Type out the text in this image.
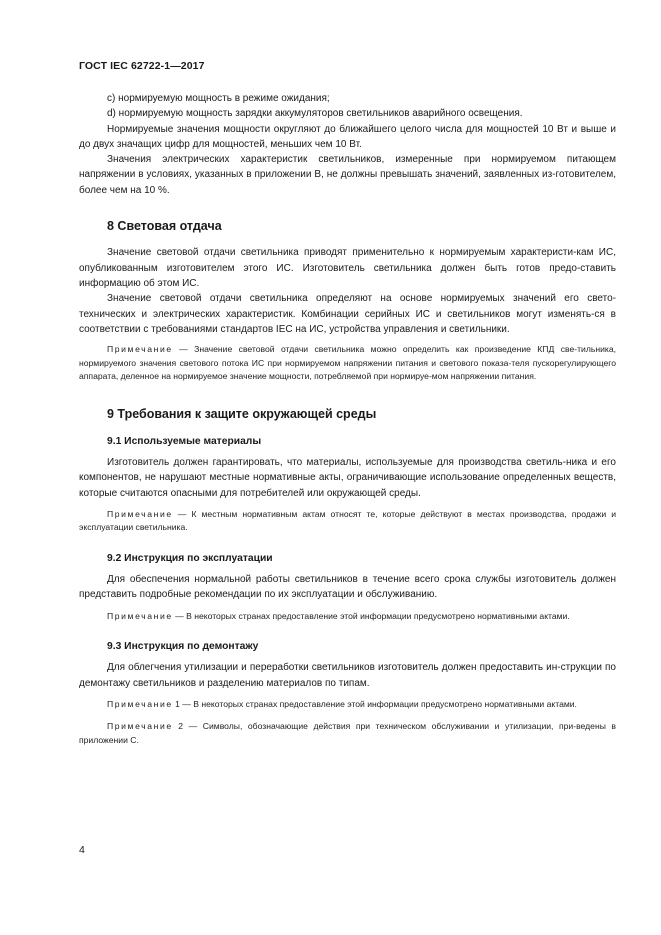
ГОСТ IEC 62722-1—2017

с) нормируемую мощность в режиме ожидания;

d) нормируемую мощность зарядки аккумуляторов светильников аварийного освещения.

Нормируемые значения мощности округляют до ближайшего целого числа для мощностей 10 Вт и выше и до двух значащих цифр для мощностей, меньших чем 10 Вт.

Значения электрических характеристик светильников, измеренные при нормируемом питающем напряжении в условиях, указанных в приложении В, не должны превышать значений, заявленных из-готовителем, более чем на 10 %.

8 Световая отдача

Значение световой отдачи светильника приводят применительно к нормируемым характеристи-кам ИС, опубликованным изготовителем этого ИС. Изготовитель светильника должен быть готов предо-ставить информацию об этом ИС.

Значение световой отдачи светильника определяют на основе нормируемых значений его свето-технических и электрических характеристик. Комбинации серийных ИС и светильников могут изменять-ся в соответствии с требованиями стандартов IEC на ИС, устройства управления и светильники.

Примечание — Значение световой отдачи светильника можно определить как произведение КПД све-тильника, нормируемого значения светового потока ИС при нормируемом напряжении питания и светового показа-теля пускорегулирующего аппарата, деленное на нормируемое значение мощности, потребляемой при нормируе-мом напряжении питания.
9 Требования к защите окружающей среды
9.1 Используемые материалы

Изготовитель должен гарантировать, что материалы, используемые для производства светиль-ника и его компонентов, не нарушают местные нормативные акты, ограничивающие использование определенных веществ, которые считаются опасными для потребителей или окружающей среды.

Примечание — К местным нормативным актам относят те, которые действуют в местах производства, продажи и эксплуатации светильника.
9.2 Инструкция по эксплуатации

Для обеспечения нормальной работы светильников в течение всего срока службы изготовитель должен представить подробные рекомендации по их эксплуатации и обслуживанию.

Примечание — В некоторых странах предоставление этой информации предусмотрено нормативными актами.
9.3 Инструкция по демонтажу

Для облегчения утилизации и переработки светильников изготовитель должен предоставить ин-струкции по демонтажу светильников и разделению материалов по типам.

Примечание 1 — В некоторых странах предоставление этой информации предусмотрено нормативными актами.
Примечание 2 — Символы, обозначающие действия при техническом обслуживании и утилизации, при-ведены в приложении С.
4
